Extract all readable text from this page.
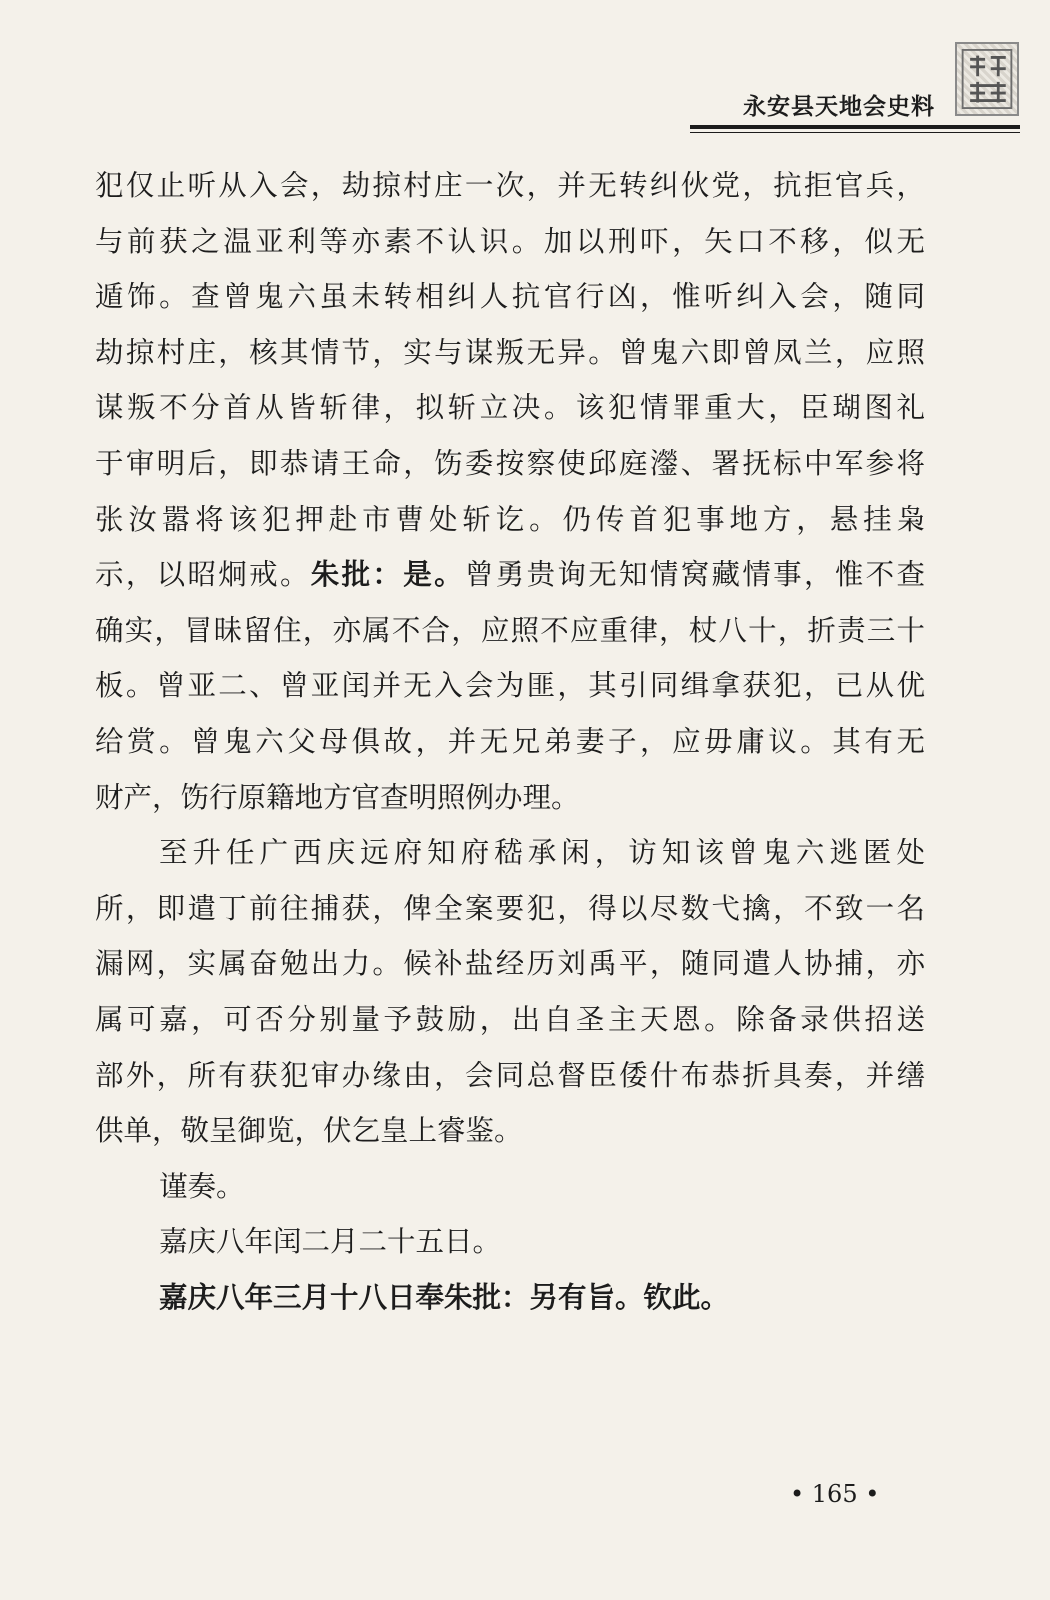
永安县天地会史料
犯仅止听从入会，劫掠村庄一次，并无转纠伙党，抗拒官兵，
与前获之温亚利等亦素不认识。加以刑吓，矢口不移，似无
遁饰。查曾鬼六虽未转相纠人抗官行凶，惟听纠入会，随同
劫掠村庄，核其情节，实与谋叛无异。曾鬼六即曾凤兰，应照
谋叛不分首从皆斩律，拟斩立决。该犯情罪重大，臣瑚图礼
于审明后，即恭请王命，饬委按察使邱庭灐、署抚标中军参将
张汝嚣将该犯押赴市曹处斩讫。仍传首犯事地方，悬挂枭
示，以昭炯戒。朱批：是。曾勇贵询无知情窝藏情事，惟不查
确实，冒昧留住，亦属不合，应照不应重律，杖八十，折责三十
板。曾亚二、曾亚闰并无入会为匪，其引同缉拿获犯，已从优
给赏。曾鬼六父母俱故，并无兄弟妻子，应毋庸议。其有无
财产，饬行原籍地方官查明照例办理。
至升任广西庆远府知府嵇承闲，访知该曾鬼六逃匿处
所，即遣丁前往捕获，俾全案要犯，得以尽数弋擒，不致一名
漏网，实属奋勉出力。候补盐经历刘禹平，随同遣人协捕，亦
属可嘉，可否分别量予鼓励，出自圣主天恩。除备录供招送
部外，所有获犯审办缘由，会同总督臣倭什布恭折具奏，并缮
供单，敬呈御览，伏乞皇上睿鉴。
谨奏。
嘉庆八年闰二月二十五日。
嘉庆八年三月十八日奉朱批：另有旨。钦此。
• 165 •
